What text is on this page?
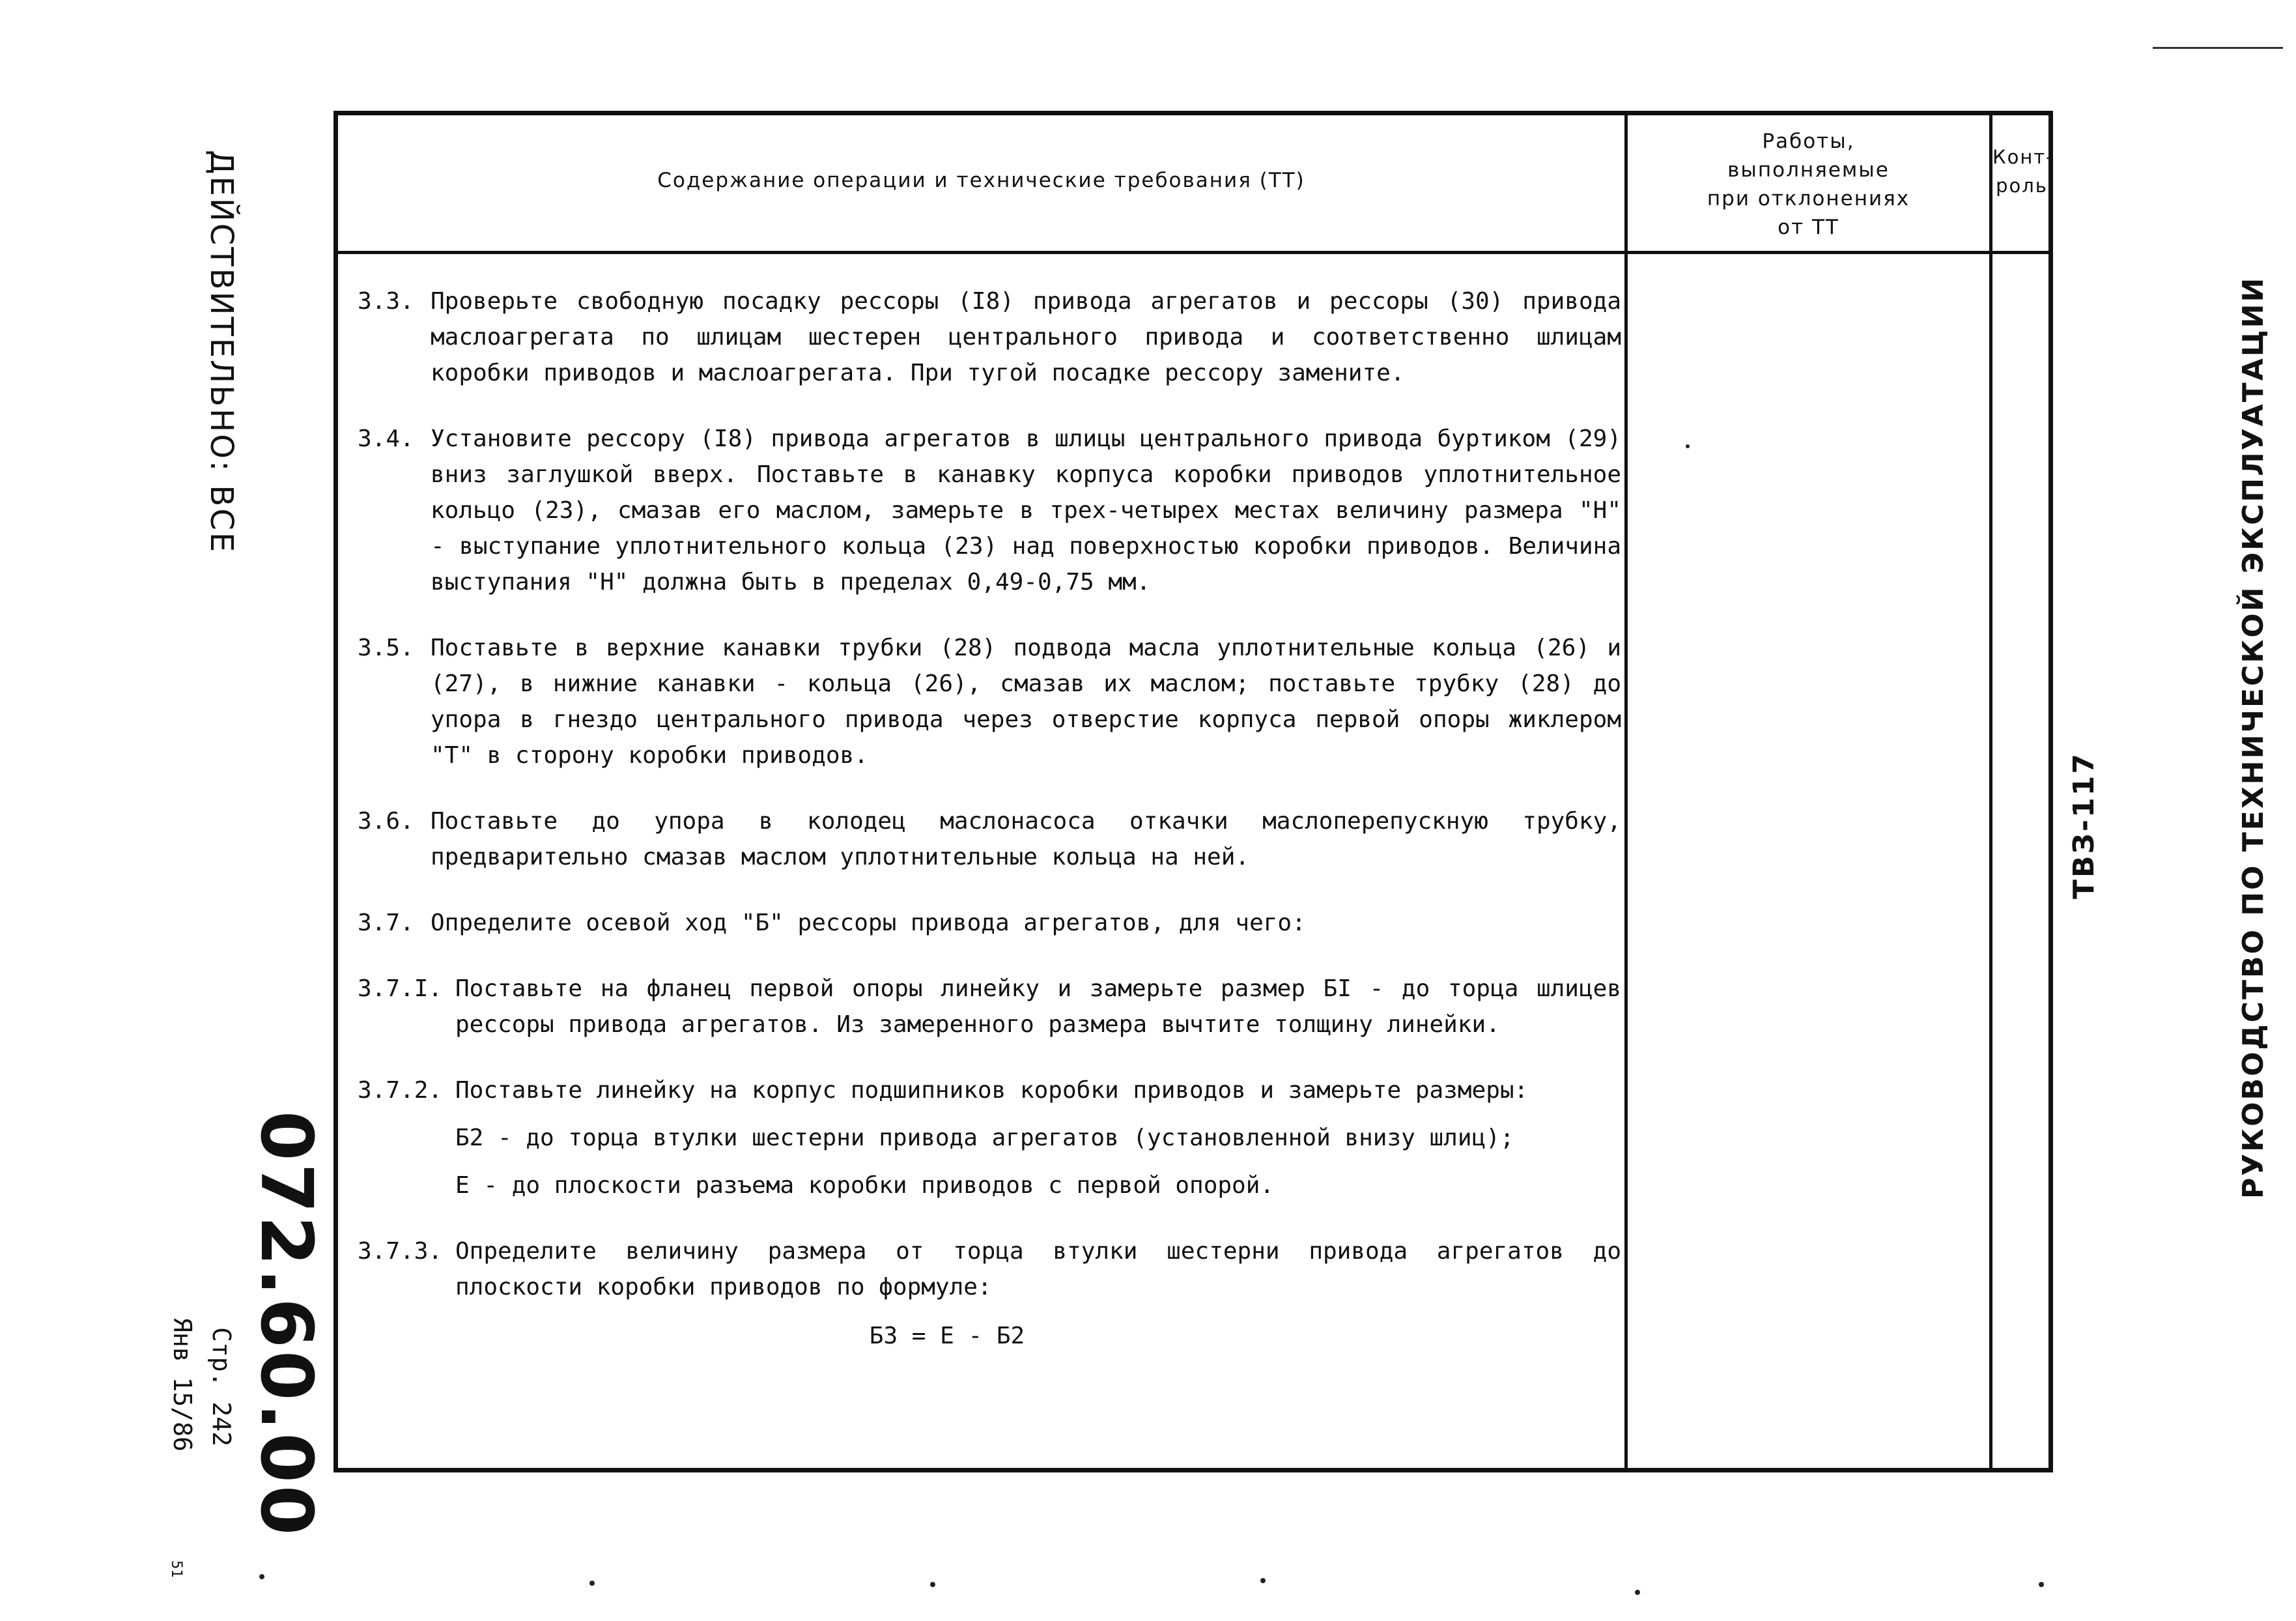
Содержание операции и технические требования (ТТ)
Работы,
выполняемые
при отклонениях
от ТТ
Конт-
роль
3.3. Проверьте свободную посадку рессоры (I8) привода агрегатов и рессоры (30) привода маслоагрегата по шлицам шестерен центрального привода и соответственно шлицам коробки приводов и маслоагрегата. При тугой посадке рессору замените.
3.4. Установите рессору (I8) привода агрегатов в шлицы центрального привода буртиком (29) вниз заглушкой вверх. Поставьте в канавку корпуса коробки приводов уплотнительное кольцо (23), смазав его маслом, замерьте в трех-четырех местах величину размера "Н" - выступание уплотнительного кольца (23) над поверхностью коробки приводов. Величина выступания "Н" должна быть в пределах 0,49-0,75 мм.
3.5. Поставьте в верхние канавки трубки (28) подвода масла уплотнительные кольца (26) и (27), в нижние канавки - кольца (26), смазав их маслом; поставьте трубку (28) до упора в гнездо центрального привода через отверстие корпуса первой опоры жиклером "Т" в сторону коробки приводов.
3.6. Поставьте до упора в колодец маслонасоса откачки маслоперепускную трубку, предварительно смазав маслом уплотнительные кольца на ней.
3.7. Определите осевой ход "Б" рессоры привода агрегатов, для чего:
3.7.I. Поставьте на фланец первой опоры линейку и замерьте размер БI - до торца шлицев рессоры привода агрегатов. Из замеренного размера вычтите толщину линейки.
3.7.2. Поставьте линейку на корпус подшипников коробки приводов и замерьте размеры:
Б2 - до торца втулки шестерни привода агрегатов (установленной внизу шлиц);
Е - до плоскости разъема коробки приводов с первой опорой.
3.7.3. Определите величину размера от торца втулки шестерни привода агрегатов до плоскости коробки приводов по формуле:
Б3 = Е - Б2
ДЕЙСТВИТЕЛЬНО: ВСЕ
072.60.00
Стр. 242
Янв 15/86
51
ТВЗ-117	РУКОВОДСТВО ПО ТЕХНИЧЕСКОЙ ЭКСПЛУАТАЦИИ
